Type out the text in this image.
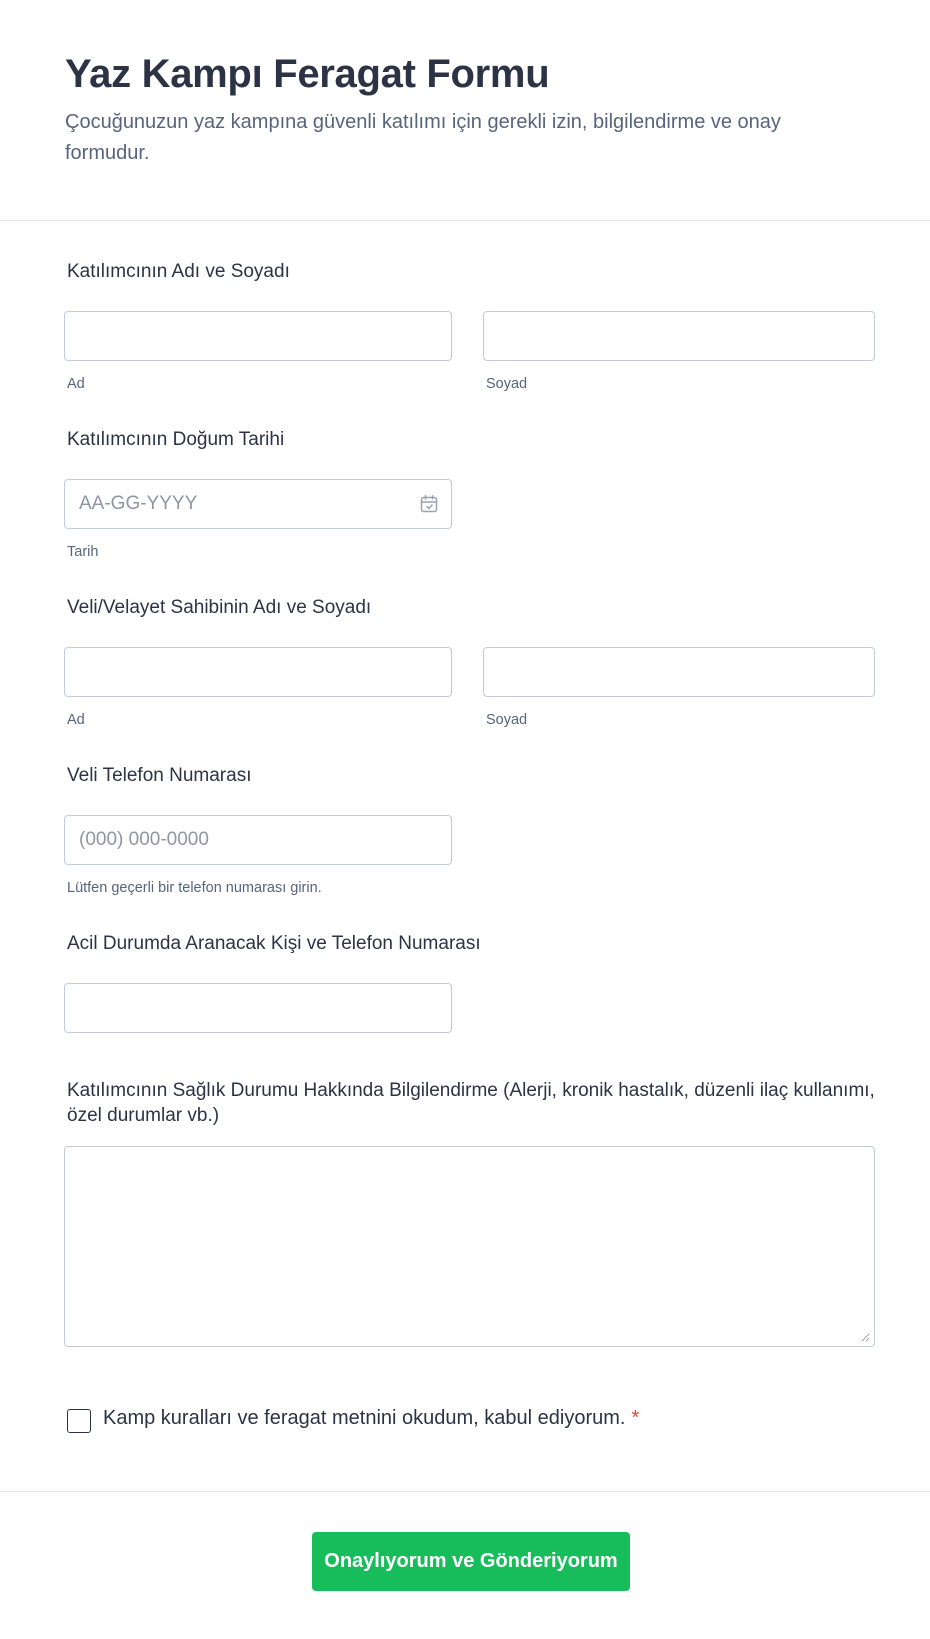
Yaz Kampı Feragat Formu

Çocuğunuzun yaz kampına güvenli katılımı için gerekli izin, bilgilendirme ve onay formudur.

Katılımcının Adı ve Soyadı
Ad	Soyad
Katılımcının Doğum Tarihi
AA-GG-YYYY
Tarih
Veli/Velayet Sahibinin Adı ve Soyadı
Ad	Soyad
Veli Telefon Numarası
(000) 000-0000
Lütfen geçerli bir telefon numarası girin.
Acil Durumda Aranacak Kişi ve Telefon Numarası
Katılımcının Sağlık Durumu Hakkında Bilgilendirme (Alerji, kronik hastalık, düzenli ilaç kullanımı, özel durumlar vb.)
Kamp kuralları ve feragat metnini okudum, kabul ediyorum. *
Onaylıyorum ve Gönderiyorum
